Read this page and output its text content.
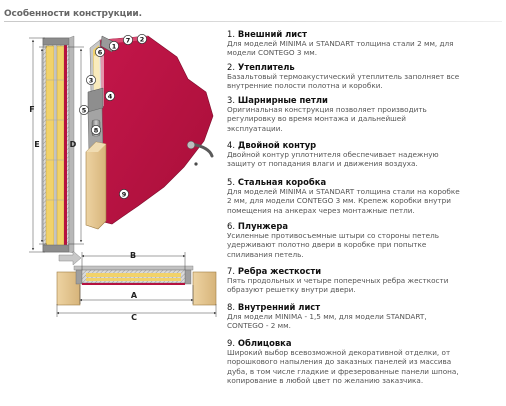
Особенности конструкции.
F
E	D
1
2
3
4
5
6
7
8
9
B
A
C
1. Внешний лист
Для моделей MINIMA и STANDART толщина стали 2 мм, для
модели CONTEGO 3 мм.
2. Утеплитель
Базальтовый термоакустический утеплитель заполняет все
внутренние полости полотна и коробки.
3. Шарнирные петли
Оригинальная конструкция позволяет производить
регулировку во время монтажа и дальнейшей
эксплуатации.
4. Двойной контур
Двойной контур уплотнителя обеспечивает надежную
защиту от попадания влаги и движения воздуха.
5. Стальная коробка
Для моделей MINIMA и STANDART толщина стали на коробке
2 мм, для модели CONTEGO 3 мм. Крепеж коробки внутри
помещения на анкерах через монтажные петли.
6. Плунжера
Усиленные противосъемные штыри со стороны петель
удерживают полотно двери в коробке при попытке
спиливания петель.
7. Ребра жесткости
Пять продольных и четыре поперечных ребра жесткости
образуют решетку внутри двери.
8. Внутренний лист
Для модели MINIMA - 1,5 мм, для модели STANDART,
CONTEGO - 2 мм.
9. Облицовка
Широкий выбор всевозможной декоративной отделки, от
порошкового напыления до заказных панелей из массива
дуба, в том числе гладкие и фрезерованные панели шпона,
копирование в любой цвет по желанию заказчика.
